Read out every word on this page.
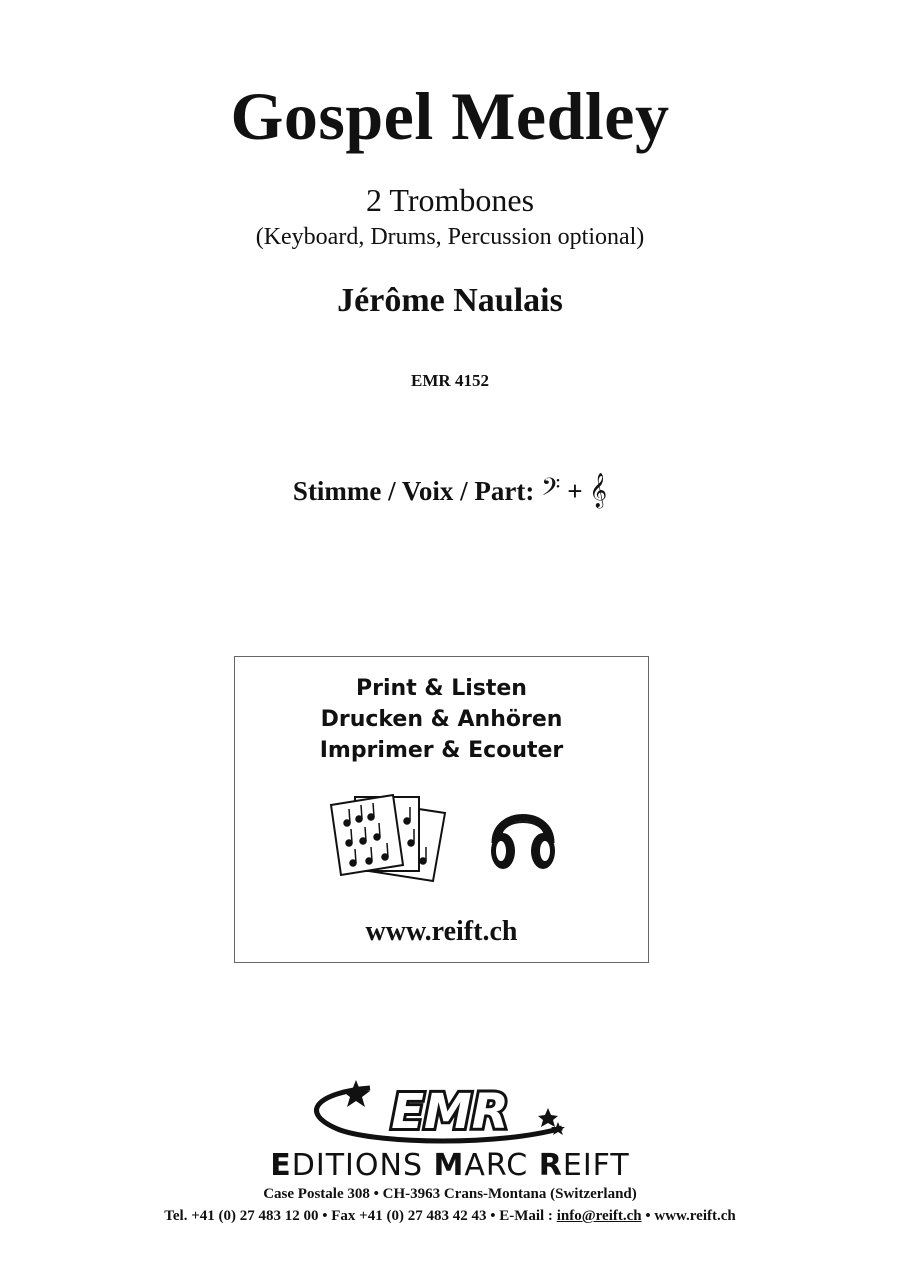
Gospel Medley
2 Trombones
(Keyboard, Drums, Percussion optional)
Jérôme Naulais
EMR 4152
Stimme / Voix / Part: 𝄢 + 𝄞
Print & Listen
Drucken & Anhören
Imprimer & Ecouter
www.reift.ch
EMR
EDITIONS MARC REIFT
Case Postale 308 • CH-3963 Crans-Montana (Switzerland)
Tel. +41 (0) 27 483 12 00 • Fax +41 (0) 27 483 42 43 • E-Mail : info@reift.ch • www.reift.ch
